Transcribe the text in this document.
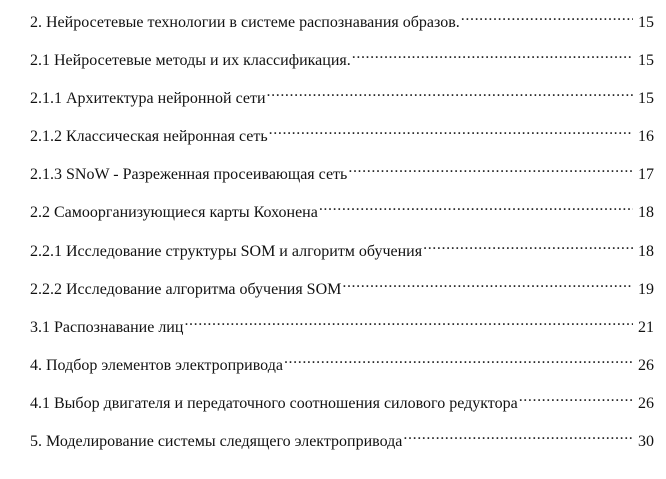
2. Нейросетевые технологии в системе распознавания образов. .....	15
2.1 Нейросетевые методы и их классификация. .....	15
2.1.1 Архитектура нейронной сети .....	15
2.1.2 Классическая нейронная сеть .....	16
2.1.3 SNoW - Разреженная просеивающая сеть .....	17
2.2 Самоорганизующиеся карты Кохонена .....	18
2.2.1 Исследование структуры SOM и алгоритм обучения .....	18
2.2.2 Исследование алгоритма обучения SOM .....	19
3.1 Распознавание лиц .....	21
4. Подбор элементов электропривода .....	26
4.1 Выбор двигателя и передаточного соотношения силового редуктора .....	26
5. Моделирование системы следящего электропривода .....	30
